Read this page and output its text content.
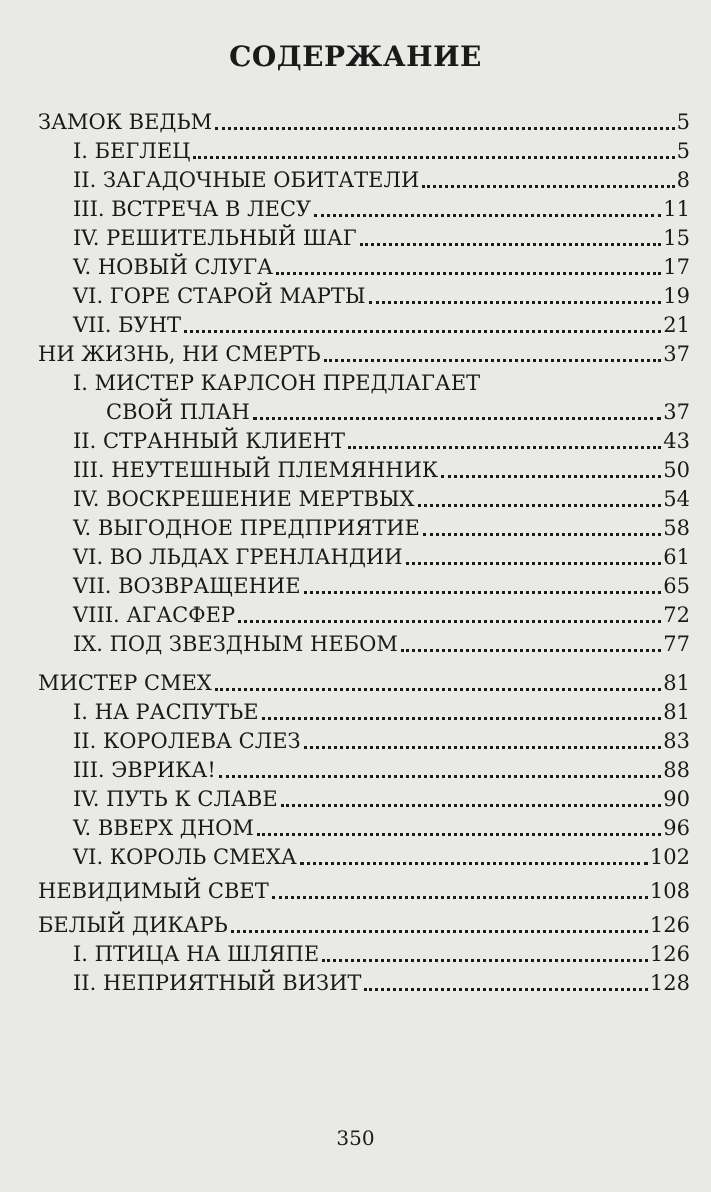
СОДЕРЖАНИЕ
ЗАМОК ВЕДЬМ	5
I. БЕГЛЕЦ	5
II. ЗАГАДОЧНЫЕ ОБИТАТЕЛИ	8
III. ВСТРЕЧА В ЛЕСУ	11
IV. РЕШИТЕЛЬНЫЙ ШАГ	15
V. НОВЫЙ СЛУГА	17
VI. ГОРЕ СТАРОЙ МАРТЫ	19
VII. БУНТ	21
НИ ЖИЗНЬ, НИ СМЕРТЬ	37
I. МИСТЕР КАРЛСОН ПРЕДЛАГАЕТ
СВОЙ ПЛАН	37
II. СТРАННЫЙ КЛИЕНТ	43
III. НЕУТЕШНЫЙ ПЛЕМЯННИК	50
IV. ВОСКРЕШЕНИЕ МЕРТВЫХ	54
V. ВЫГОДНОЕ ПРЕДПРИЯТИЕ	58
VI. ВО ЛЬДАХ ГРЕНЛАНДИИ	61
VII. ВОЗВРАЩЕНИЕ	65
VIII. АГАСФЕР	72
IX. ПОД ЗВЕЗДНЫМ НЕБОМ	77
МИСТЕР СМЕХ	81
I. НА РАСПУТЬЕ	81
II. КОРОЛЕВА СЛЕЗ	83
III. ЭВРИКА!	88
IV. ПУТЬ К СЛАВЕ	90
V. ВВЕРХ ДНОМ	96
VI. КОРОЛЬ СМЕХА	102
НЕВИДИМЫЙ СВЕТ	108
БЕЛЫЙ ДИКАРЬ	126
I. ПТИЦА НА ШЛЯПЕ	126
II. НЕПРИЯТНЫЙ ВИЗИТ	128
350
